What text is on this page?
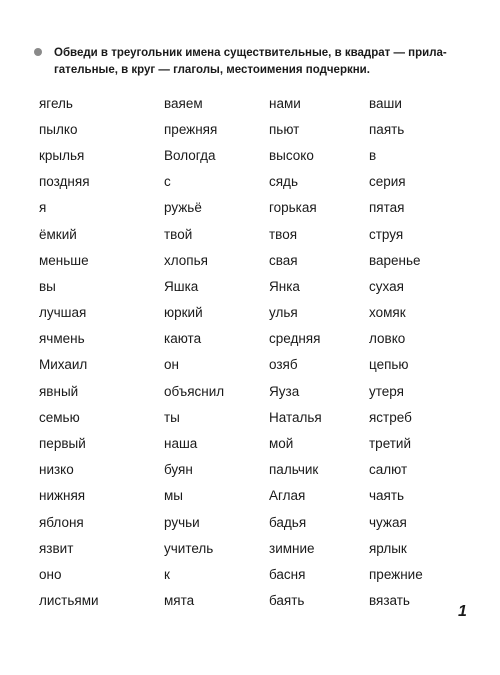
Обведи в треугольник имена существительные, в квадрат — прила-
гательные, в круг — глаголы, местоимения подчеркни.
ягель	ваяем	нами	ваши
пылко	прежняя	пьют	паять
крылья	Вологда	высоко	в
поздняя	с	сядь	серия
я	ружьё	горькая	пятая
ёмкий	твой	твоя	струя
меньше	хлопья	свая	варенье
вы	Яшка	Янка	сухая
лучшая	юркий	улья	хомяк
ячмень	каюта	средняя	ловко
Михаил	он	озяб	цепью
явный	объяснил	Яуза	утеря
семью	ты	Наталья	ястреб
первый	наша	мой	третий
низко	буян	пальчик	салют
нижняя	мы	Аглая	чаять
яблоня	ручьи	бадья	чужая
язвит	учитель	зимние	ярлык
оно	к	басня	прежние
листьями	мята	баять	вязать
1
